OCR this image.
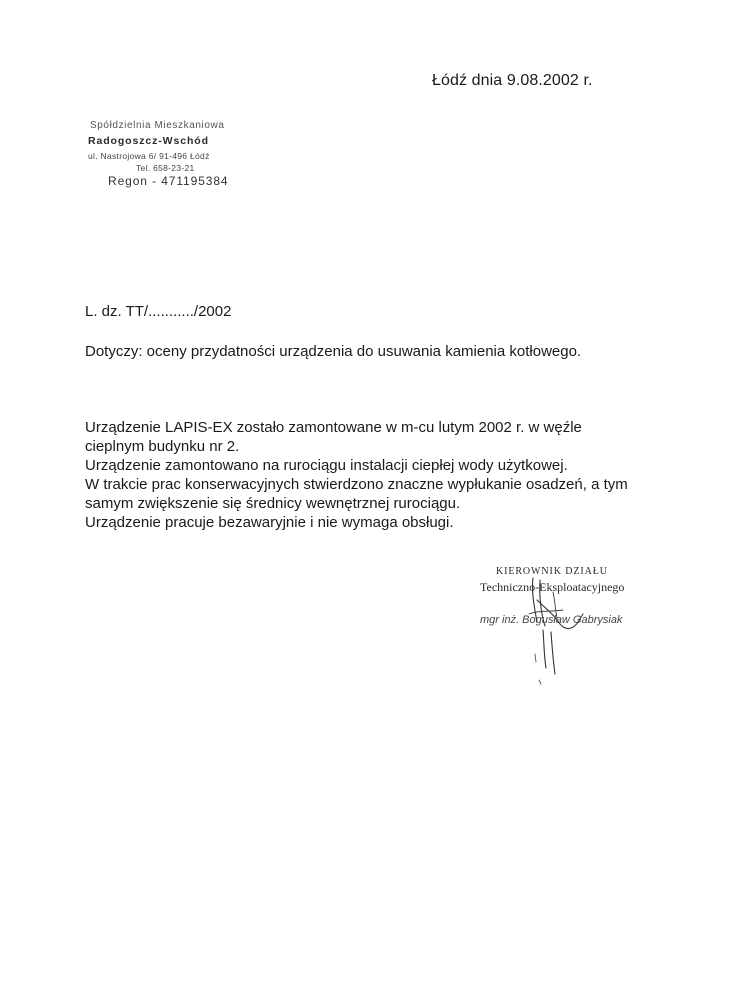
Łódź dnia 9.08.2002 r.
Spółdzielnia Mieszkaniowa
Radogoszcz-Wschód
ul. Nastrojowa 6/ 91-496 Łódź
Tel. 658-23-21
Regon - 471195384
L. dz. TT/.........../2002
Dotyczy: oceny przydatności urządzenia do usuwania kamienia kotłowego.

Urządzenie LAPIS-EX zostało zamontowane w m-cu lutym 2002 r. w węźle cieplnym budynku nr 2.

Urządzenie zamontowano na rurociągu instalacji ciepłej wody użytkowej.

W trakcie prac konserwacyjnych stwierdzono znaczne wypłukanie osadzeń, a tym samym zwiększenie się średnicy wewnętrznej rurociągu.

Urządzenie pracuje bezawaryjnie i nie wymaga obsługi.

KIEROWNIK DZIAŁU
Techniczno-Eksploatacyjnego
mgr inż. Bogusław Gabrysiak
